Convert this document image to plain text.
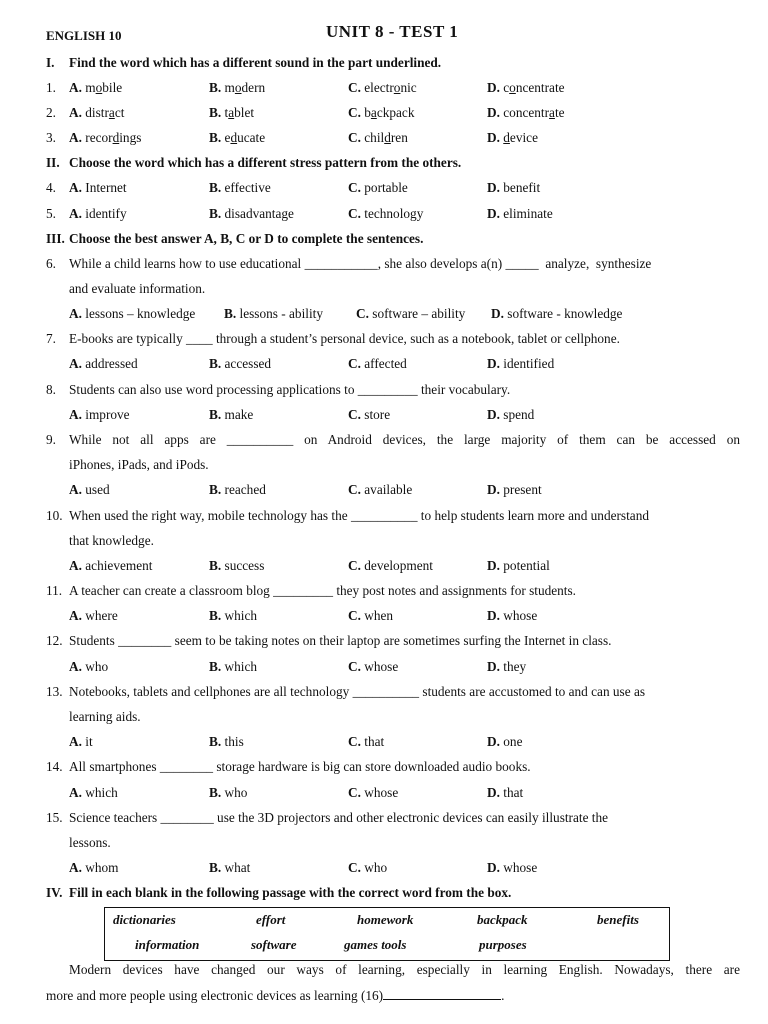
ENGLISH 10	UNIT 8 - TEST 1
I. Find the word which has a different sound in the part underlined.
1. A. mobile	B. modern	C. electronic	D. concentrate
2. A. distract	B. tablet	C. backpack	D. concentrate
3. A. recordings	B. educate	C. children	D. device
II. Choose the word which has a different stress pattern from the others.
4. A. Internet	B. effective	C. portable	D. benefit
5. A. identify	B. disadvantage	C. technology	D. eliminate
III. Choose the best answer A, B, C or D to complete the sentences.
6. While a child learns how to use educational ___________, she also develops a(n) _____  analyze,  synthesize
and evaluate information.
A. lessons – knowledge B. lessons - ability C. software – ability D. software - knowledge
7. E-books are typically ____ through a student’s personal device, such as a notebook, tablet or cellphone.
A. addressed	B. accessed	C. affected	D. identified
8. Students can also use word processing applications to _________ their vocabulary.
A. improve	B. make	C. store	D. spend
9. While not all apps are __________ on Android devices, the large majority of them can be accessed on
iPhones, iPads, and iPods.
A. used	B. reached	C. available	D. present
10. When used the right way, mobile technology has the __________ to help students learn more and understand
that knowledge.
A. achievement	B. success	C. development	D. potential
11. A teacher can create a classroom blog _________ they post notes and assignments for students.
A. where	B. which	C. when	D. whose
12. Students ________ seem to be taking notes on their laptop are sometimes surfing the Internet in class.
A. who	B. which	C. whose	D. they
13. Notebooks, tablets and cellphones are all technology __________ students are accustomed to and can use as
learning aids.
A. it	B. this	C. that	D. one
14. All smartphones ________ storage hardware is big can store downloaded audio books.
A. which	B. who	C. whose	D. that
15. Science teachers ________ use the 3D projectors and other electronic devices can easily illustrate the
lessons.
A. whom	B. what	C. who	D. whose
IV. Fill in each blank in the following passage with the correct word from the box.
dictionaries	effort	homework	backpack	benefits
information	software	games tools	purposes
Modern devices have changed our ways of learning, especially in learning English. Nowadays, there are
more and more people using electronic devices as learning (16)	.
